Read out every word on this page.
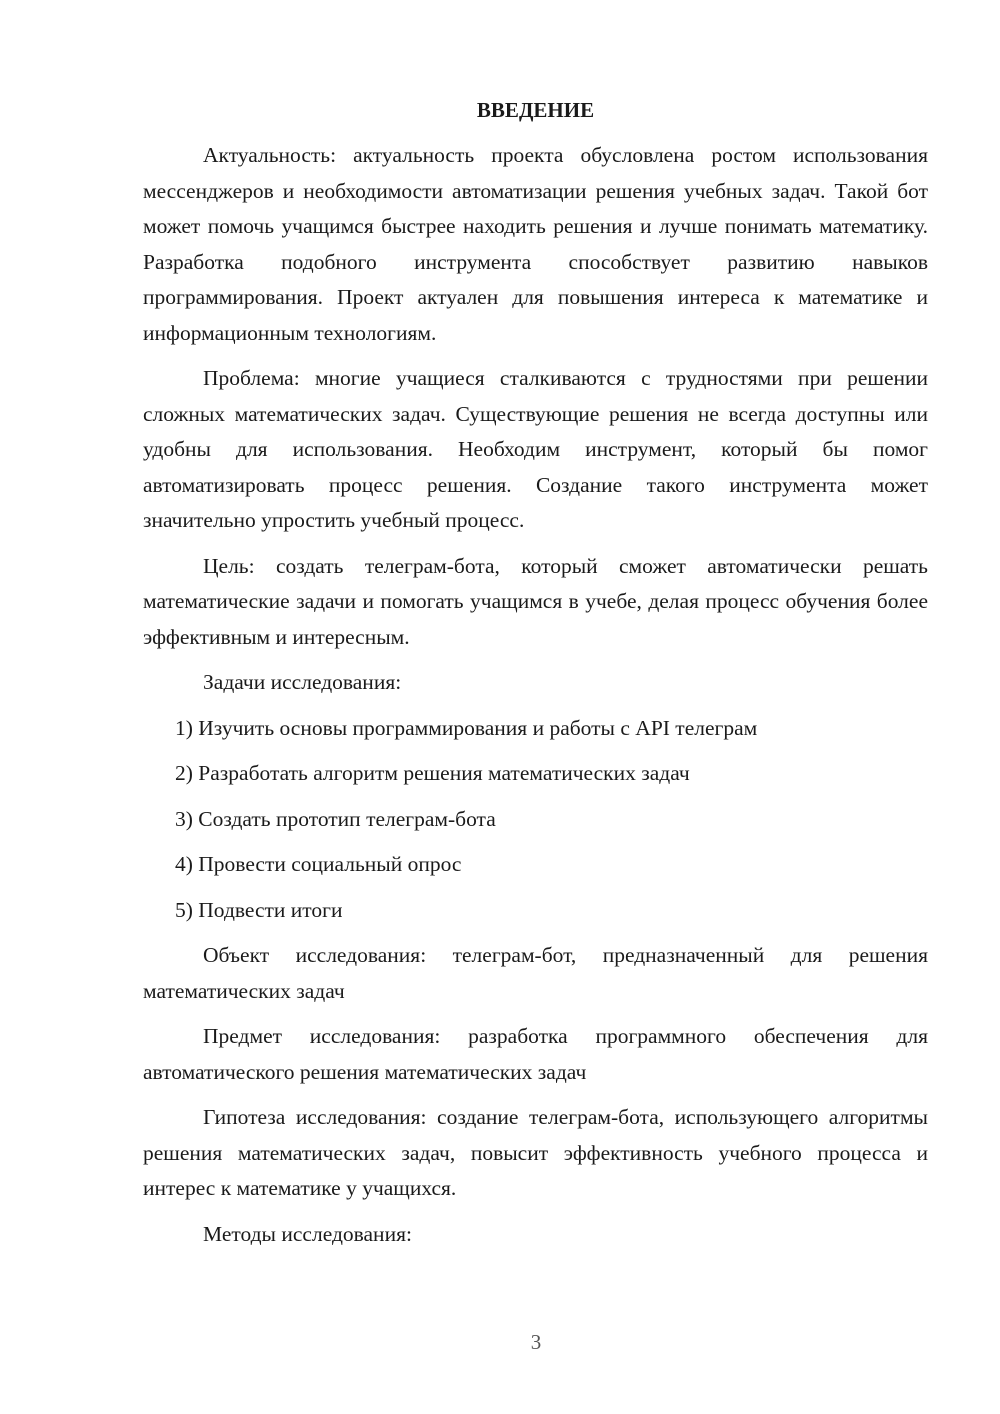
ВВЕДЕНИЕ

Актуальность: актуальность проекта обусловлена ростом использования мессенджеров и необходимости автоматизации решения учебных задач. Такой бот может помочь учащимся быстрее находить решения и лучше понимать математику. Разработка подобного инструмента способствует развитию навыков программирования. Проект актуален для повышения интереса к математике и информационным технологиям.

Проблема: многие учащиеся сталкиваются с трудностями при решении сложных математических задач. Существующие решения не всегда доступны или удобны для использования. Необходим инструмент, который бы помог автоматизировать процесс решения. Создание такого инструмента может значительно упростить учебный процесс.

Цель: создать телеграм-бота, который сможет автоматически решать математические задачи и помогать учащимся в учебе, делая процесс обучения более эффективным и интересным.

Задачи исследования:

1) Изучить основы программирования и работы с API телеграм
2) Разработать алгоритм решения математических задач
3) Создать прототип телеграм-бота
4) Провести социальный опрос
5) Подвести итоги

Объект исследования: телеграм-бот, предназначенный для решения математических задач

Предмет исследования: разработка программного обеспечения для автоматического решения математических задач

Гипотеза исследования: создание телеграм-бота, использующего алгоритмы решения математических задач, повысит эффективность учебного процесса и интерес к математике у учащихся.

Методы исследования:

3
